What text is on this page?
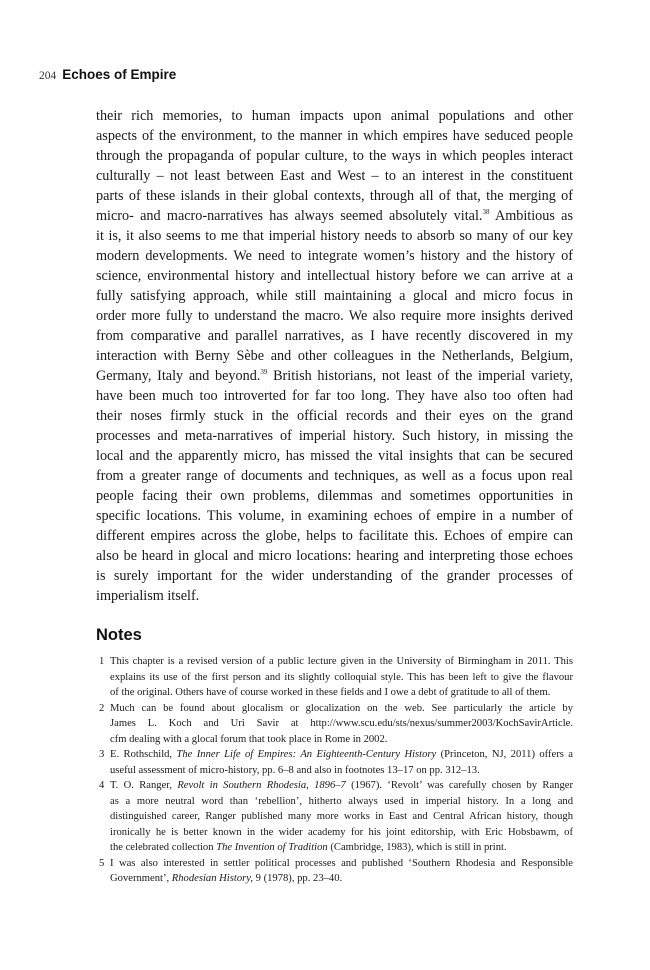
204 Echoes of Empire
their rich memories, to human impacts upon animal populations and other
aspects of the environment, to the manner in which empires have seduced people
through the propaganda of popular culture, to the ways in which peoples interact
culturally – not least between East and West – to an interest in the constituent
parts of these islands in their global contexts, through all of that, the merging of
micro- and macro-narratives has always seemed absolutely vital.$^{38}$ Ambitious as
it is, it also seems to me that imperial history needs to absorb so many of our key
modern developments. We need to integrate women’s history and the history of
science, environmental history and intellectual history before we can arrive at a
fully satisfying approach, while still maintaining a glocal and micro focus in
order more fully to understand the macro. We also require more insights derived
from comparative and parallel narratives, as I have recently discovered in my
interaction with Berny Sèbe and other colleagues in the Netherlands, Belgium,
Germany, Italy and beyond.$^{39}$ British historians, not least of the imperial variety,
have been much too introverted for far too long. They have also too often had
their noses firmly stuck in the official records and their eyes on the grand
processes and meta-narratives of imperial history. Such history, in missing the
local and the apparently micro, has missed the vital insights that can be secured
from a greater range of documents and techniques, as well as a focus upon real
people facing their own problems, dilemmas and sometimes opportunities in
specific locations. This volume, in examining echoes of empire in a number of
different empires across the globe, helps to facilitate this. Echoes of empire can
also be heard in glocal and micro locations: hearing and interpreting those echoes
is surely important for the wider understanding of the grander processes of
imperialism itself.
Notes
1 This chapter is a revised version of a public lecture given in the University of Birmingham in 2011. This
explains its use of the first person and its slightly colloquial style. This has been left to give the flavour
of the original. Others have of course worked in these fields and I owe a debt of gratitude to all of them.
2 Much can be found about glocalism or glocalization on the web. See particularly the article by
James L. Koch and Uri Savir at http://www.scu.edu/sts/nexus/summer2003/KochSavirArticle.
cfm dealing with a glocal forum that took place in Rome in 2002.
3 E. Rothschild, The Inner Life of Empires: An Eighteenth-Century History (Princeton, NJ, 2011) offers a
useful assessment of micro-history, pp. 6–8 and also in footnotes 13–17 on pp. 312–13.
4 T. O. Ranger, Revolt in Southern Rhodesia, 1896–7 (1967). ‘Revolt’ was carefully chosen by Ranger
as a more neutral word than ‘rebellion’, hitherto always used in imperial history. In a long and
distinguished career, Ranger published many more works in East and Central African history, though
ironically he is better known in the wider academy for his joint editorship, with Eric Hobsbawm, of
the celebrated collection The Invention of Tradition (Cambridge, 1983), which is still in print.
5 I was also interested in settler political processes and published ‘Southern Rhodesia and Responsible
Government’, Rhodesian History, 9 (1978), pp. 23–40.
